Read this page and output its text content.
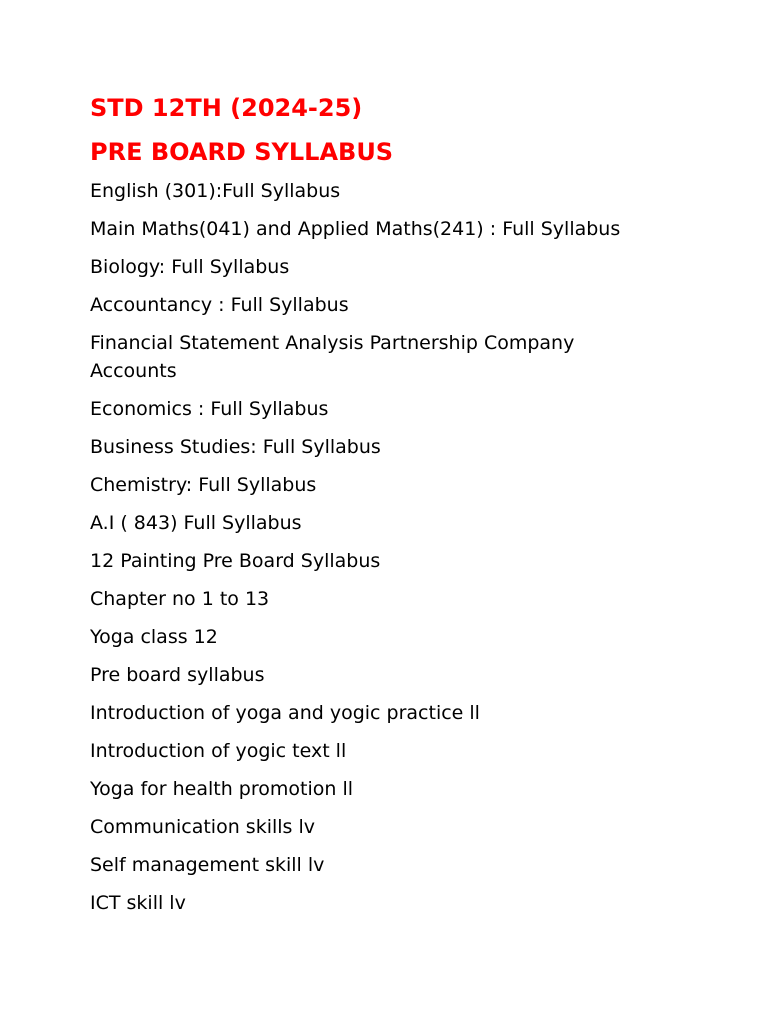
STD 12TH (2024-25)
PRE BOARD SYLLABUS
English (301):Full Syllabus
Main Maths(041) and Applied Maths(241) : Full Syllabus
Biology: Full Syllabus
Accountancy : Full Syllabus
Financial Statement Analysis Partnership Company Accounts
Economics : Full Syllabus
Business Studies: Full Syllabus
Chemistry: Full Syllabus
A.I ( 843) Full Syllabus
12 Painting Pre Board Syllabus
Chapter no 1 to 13
Yoga class 12
Pre board syllabus
Introduction of yoga and yogic practice ll
Introduction of yogic text ll
Yoga for health promotion ll
Communication skills lv
Self management skill lv
ICT skill lv
